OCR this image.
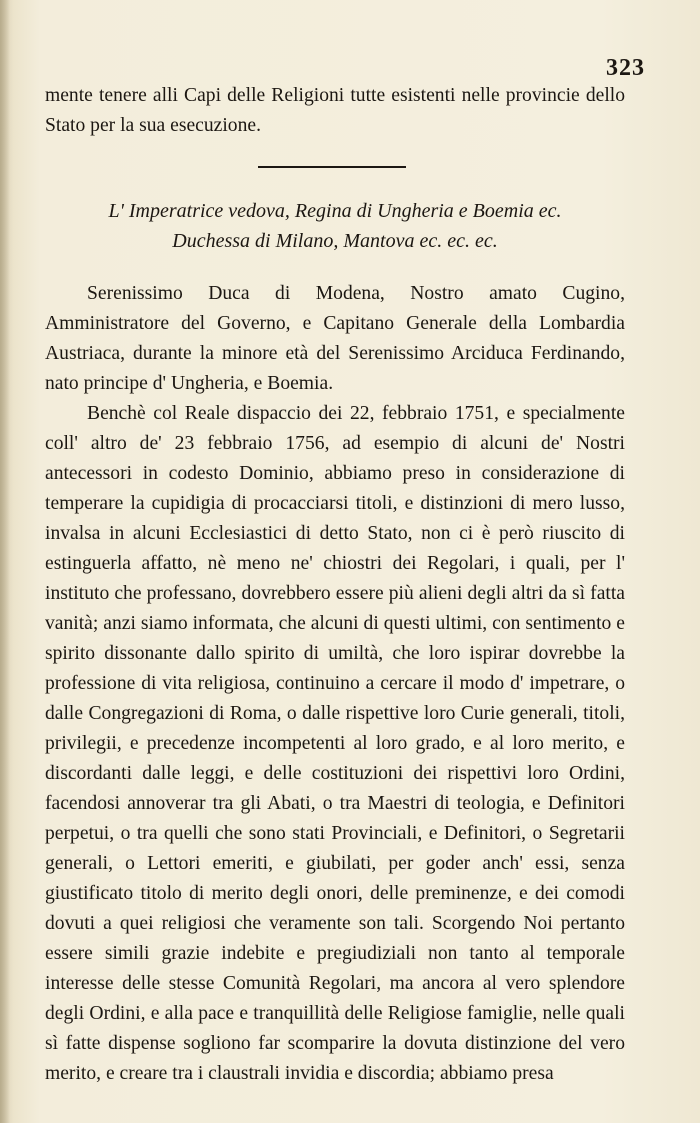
323
mente tenere alli Capi delle Religioni tutte esistenti nelle provincie dello Stato per la sua esecuzione.
L' Imperatrice vedova, Regina di Ungheria e Boemia ec.
Duchessa di Milano, Mantova ec. ec. ec.

Serenissimo Duca di Modena, Nostro amato Cugino, Amministratore del Governo, e Capitano Generale della Lombardia Austriaca, durante la minore età del Serenissimo Arciduca Ferdinando, nato principe d' Ungheria, e Boemia.

Benchè col Reale dispaccio dei 22, febbraio 1751, e specialmente coll' altro de' 23 febbraio 1756, ad esempio di alcuni de' Nostri antecessori in codesto Dominio, abbiamo preso in considerazione di temperare la cupidigia di procacciarsi titoli, e distinzioni di mero lusso, invalsa in alcuni Ecclesiastici di detto Stato, non ci è però riuscito di estinguerla affatto, nè meno ne' chiostri dei Regolari, i quali, per l' instituto che professano, dovrebbero essere più alieni degli altri da sì fatta vanità; anzi siamo informata, che alcuni di questi ultimi, con sentimento e spirito dissonante dallo spirito di umiltà, che loro ispirar dovrebbe la professione di vita religiosa, continuino a cercare il modo d' impetrare, o dalle Congregazioni di Roma, o dalle rispettive loro Curie generali, titoli, privilegii, e precedenze incompetenti al loro grado, e al loro merito, e discordanti dalle leggi, e delle costituzioni dei rispettivi loro Ordini, facendosi annoverar tra gli Abati, o tra Maestri di teologia, e Definitori perpetui, o tra quelli che sono stati Provinciali, e Definitori, o Segretarii generali, o Lettori emeriti, e giubilati, per goder anch' essi, senza giustificato titolo di merito degli onori, delle preminenze, e dei comodi dovuti a quei religiosi che veramente son tali. Scorgendo Noi pertanto essere simili grazie indebite e pregiudiziali non tanto al temporale interesse delle stesse Comunità Regolari, ma ancora al vero splendore degli Ordini, e alla pace e tranquillità delle Religiose famiglie, nelle quali sì fatte dispense sogliono far scomparire la dovuta distinzione del vero merito, e creare tra i claustrali invidia e discordia; abbiamo presa
